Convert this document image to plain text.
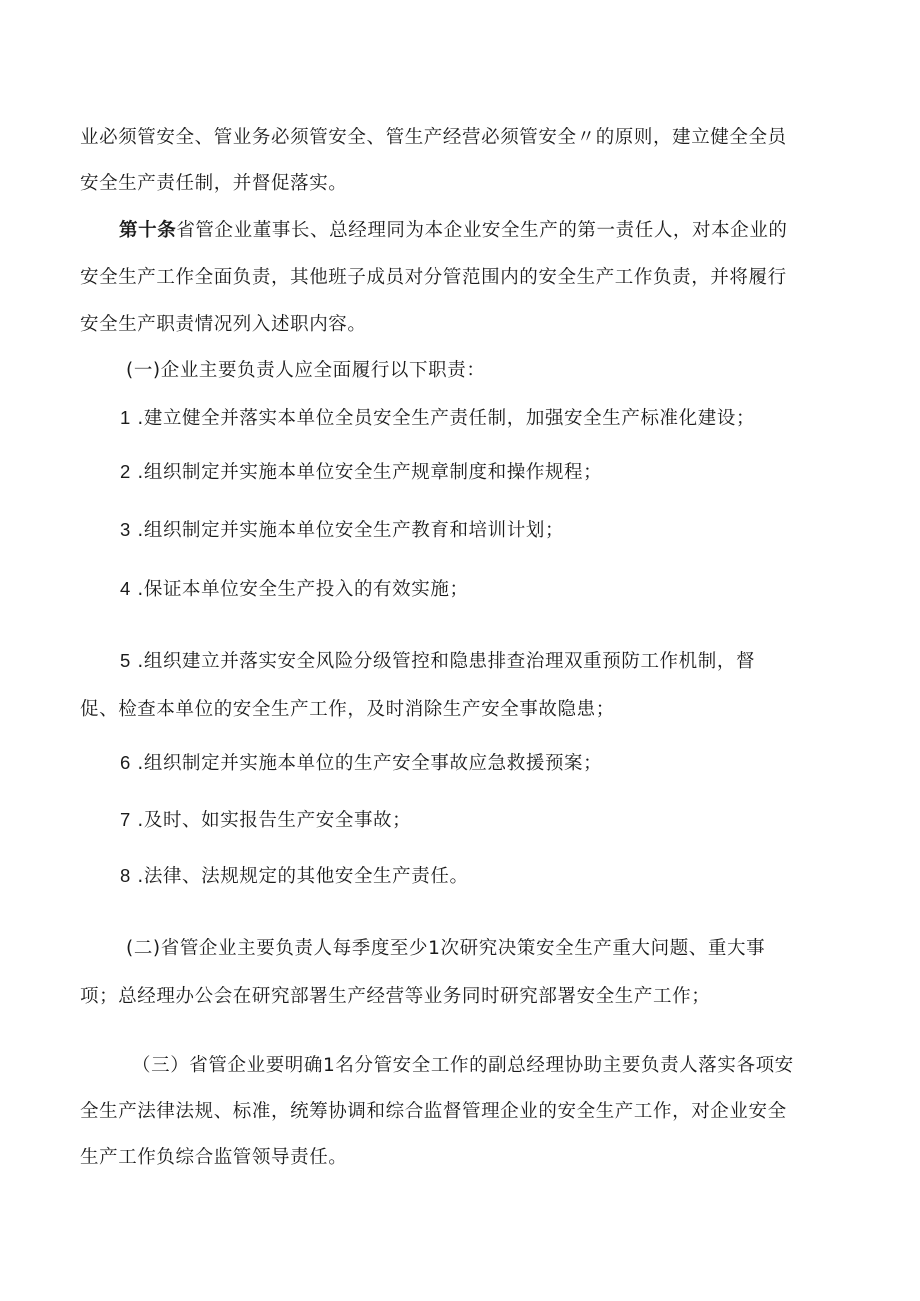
业必须管安全、管业务必须管安全、管生产经营必须管安全〃的原则，建立健全全员
安全生产责任制，并督促落实。
第十条省管企业董事长、总经理同为本企业安全生产的第一责任人，对本企业的
安全生产工作全面负责，其他班子成员对分管范围内的安全生产工作负责，并将履行
安全生产职责情况列入述职内容。
(一)企业主要负责人应全面履行以下职责：
1 .建立健全并落实本单位全员安全生产责任制，加强安全生产标准化建设；
2 .组织制定并实施本单位安全生产规章制度和操作规程；
3 .组织制定并实施本单位安全生产教育和培训计划；
4 .保证本单位安全生产投入的有效实施；
5 .组织建立并落实安全风险分级管控和隐患排查治理双重预防工作机制，督
促、检查本单位的安全生产工作，及时消除生产安全事故隐患；
6 .组织制定并实施本单位的生产安全事故应急救援预案；
7 .及时、如实报告生产安全事故；
8 .法律、法规规定的其他安全生产责任。
(二)省管企业主要负责人每季度至少1次研究决策安全生产重大问题、重大事
项；总经理办公会在研究部署生产经营等业务同时研究部署安全生产工作；
（三）省管企业要明确1名分管安全工作的副总经理协助主要负责人落实各项安
全生产法律法规、标准，统筹协调和综合监督管理企业的安全生产工作，对企业安全
生产工作负综合监管领导责任。
